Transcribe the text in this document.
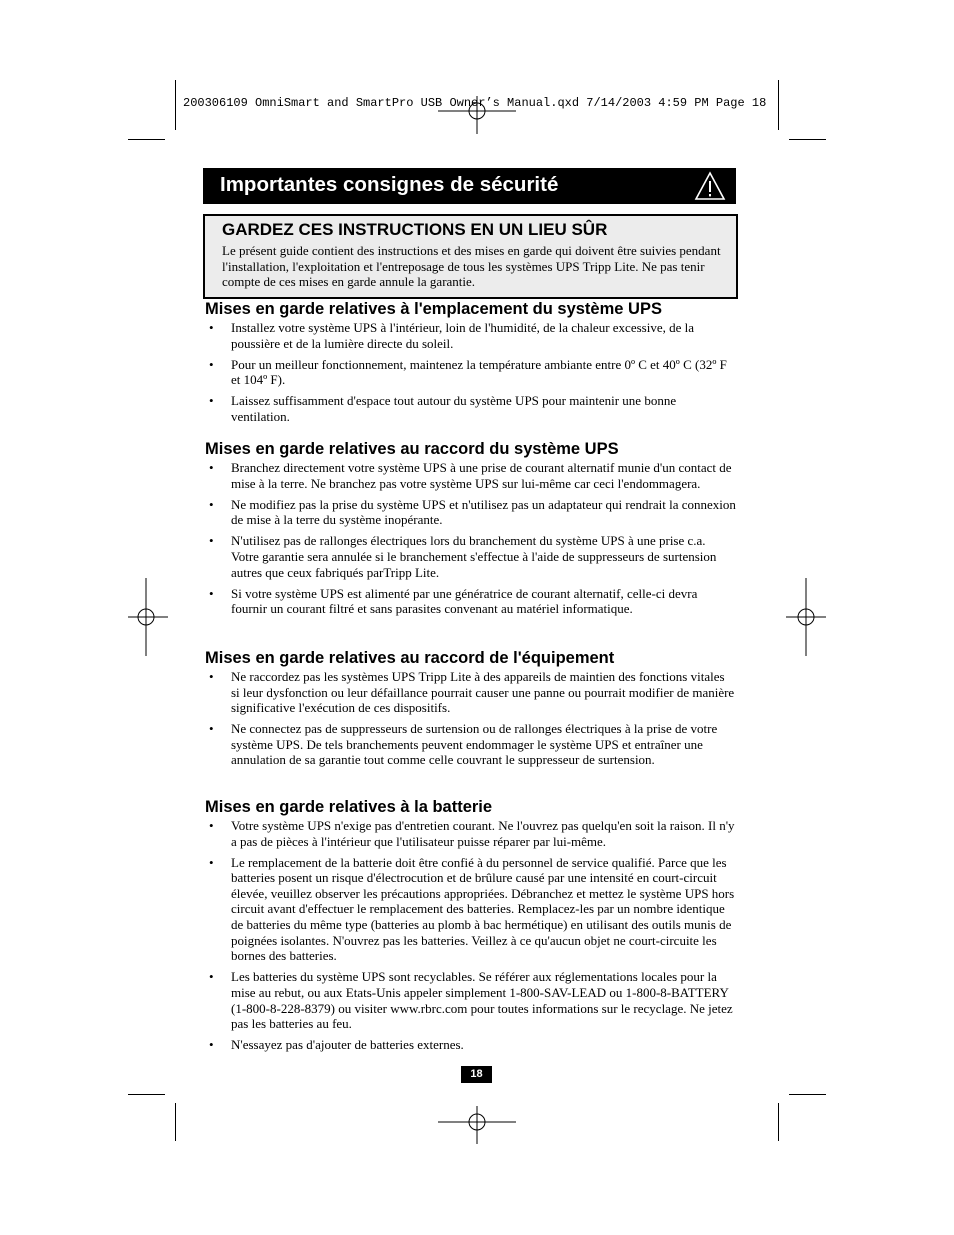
200306109 OmniSmart and SmartPro USB Owner’s Manual.qxd 7/14/2003 4:59 PM Page 18
Importantes consignes de sécurité
GARDEZ CES INSTRUCTIONS EN UN LIEU SÛR
Le présent guide contient des instructions et des mises en garde qui doivent être suivies pendant l'installation, l'exploitation et l'entreposage de tous les systèmes UPS Tripp Lite. Ne pas tenir compte de ces mises en garde annule la garantie.
Mises en garde relatives à l'emplacement du système UPS
• Installez votre système UPS à l'intérieur, loin de l'humidité, de la chaleur excessive, de la poussière et de la lumière directe du soleil.
• Pour un meilleur fonctionnement, maintenez la température ambiante entre 0º C et 40º C (32º F et 104º F).
• Laissez suffisamment d'espace tout autour du système UPS pour maintenir une bonne ventilation.
Mises en garde relatives au raccord du système UPS
• Branchez directement votre système UPS à une prise de courant alternatif munie d'un contact de mise à la terre. Ne branchez pas votre système UPS sur lui-même car ceci l'endommagera.
• Ne modifiez pas la prise du système UPS et n'utilisez pas un adaptateur qui rendrait la connexion de mise à la terre du système inopérante.
• N'utilisez pas de rallonges électriques lors du branchement du système UPS à une prise c.a. Votre garantie sera annulée si le branchement s'effectue à l'aide de suppresseurs de surtension autres que ceux fabriqués parTripp Lite.
• Si votre système UPS est alimenté par une génératrice de courant alternatif, celle-ci devra fournir un courant filtré et sans parasites convenant au matériel informatique.
Mises en garde relatives au raccord de l'équipement
• Ne raccordez pas les systèmes UPS Tripp Lite à des appareils de maintien des fonctions vitales si leur dysfonction ou leur défaillance pourrait causer une panne ou pourrait modifier de manière significative l'exécution de ces dispositifs.
• Ne connectez pas de suppresseurs de surtension ou de rallonges électriques à la prise de votre système UPS. De tels branchements peuvent endommager le système UPS et entraîner une annulation de sa garantie tout comme celle couvrant le suppresseur de surtension.
Mises en garde relatives à la batterie
• Votre système UPS n'exige pas d'entretien courant. Ne l'ouvrez pas quelqu'en soit la raison. Il n'y a pas de pièces à l'intérieur que l'utilisateur puisse réparer par lui-même.
• Le remplacement de la batterie doit être confié à du personnel de service qualifié. Parce que les batteries posent un risque d'électrocution et de brûlure causé par une intensité en court-circuit élevée, veuillez observer les précautions appropriées. Débranchez et mettez le système UPS hors circuit avant d'effectuer le remplacement des batteries. Remplacez-les par un nombre identique de batteries du même type (batteries au plomb à bac hermétique) en utilisant des outils munis de poignées isolantes. N'ouvrez pas les batteries. Veillez à ce qu'aucun objet ne court-circuite les bornes des batteries.
• Les batteries du système UPS sont recyclables. Se référer aux réglementations locales pour la mise au rebut, ou aux Etats-Unis appeler simplement 1-800-SAV-LEAD ou 1-800-8-BATTERY (1-800-8-228-8379) ou visiter www.rbrc.com pour toutes informations sur le recyclage. Ne jetez pas les batteries au feu.
• N'essayez pas d'ajouter de batteries externes.
18
